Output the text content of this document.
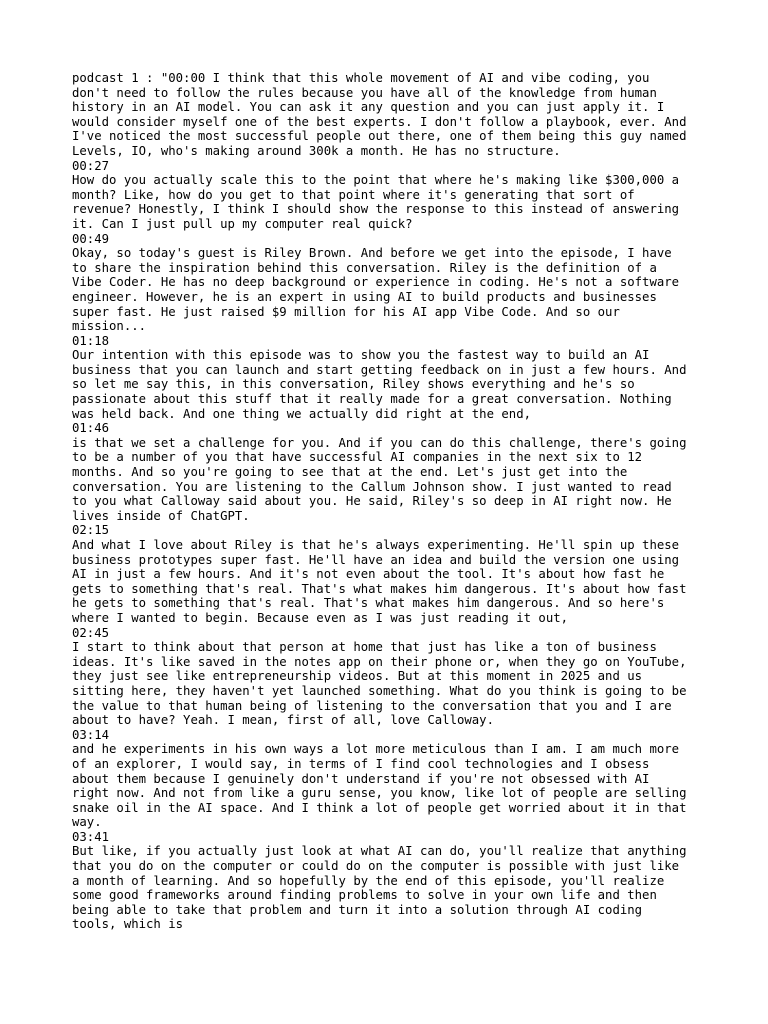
podcast 1 : "00:00 I think that this whole movement of AI and vibe coding, you
don't need to follow the rules because you have all of the knowledge from human
history in an AI model. You can ask it any question and you can just apply it. I
would consider myself one of the best experts. I don't follow a playbook, ever. And
I've noticed the most successful people out there, one of them being this guy named
Levels, IO, who's making around 300k a month. He has no structure.
00:27
How do you actually scale this to the point that where he's making like $300,000 a
month? Like, how do you get to that point where it's generating that sort of
revenue? Honestly, I think I should show the response to this instead of answering
it. Can I just pull up my computer real quick?
00:49
Okay, so today's guest is Riley Brown. And before we get into the episode, I have
to share the inspiration behind this conversation. Riley is the definition of a
Vibe Coder. He has no deep background or experience in coding. He's not a software
engineer. However, he is an expert in using AI to build products and businesses
super fast. He just raised $9 million for his AI app Vibe Code. And so our
mission...
01:18
Our intention with this episode was to show you the fastest way to build an AI
business that you can launch and start getting feedback on in just a few hours. And
so let me say this, in this conversation, Riley shows everything and he's so
passionate about this stuff that it really made for a great conversation. Nothing
was held back. And one thing we actually did right at the end,
01:46
is that we set a challenge for you. And if you can do this challenge, there's going
to be a number of you that have successful AI companies in the next six to 12
months. And so you're going to see that at the end. Let's just get into the
conversation. You are listening to the Callum Johnson show. I just wanted to read
to you what Calloway said about you. He said, Riley's so deep in AI right now. He
lives inside of ChatGPT.
02:15
And what I love about Riley is that he's always experimenting. He'll spin up these
business prototypes super fast. He'll have an idea and build the version one using
AI in just a few hours. And it's not even about the tool. It's about how fast he
gets to something that's real. That's what makes him dangerous. It's about how fast
he gets to something that's real. That's what makes him dangerous. And so here's
where I wanted to begin. Because even as I was just reading it out,
02:45
I start to think about that person at home that just has like a ton of business
ideas. It's like saved in the notes app on their phone or, when they go on YouTube,
they just see like entrepreneurship videos. But at this moment in 2025 and us
sitting here, they haven't yet launched something. What do you think is going to be
the value to that human being of listening to the conversation that you and I are
about to have? Yeah. I mean, first of all, love Calloway.
03:14
and he experiments in his own ways a lot more meticulous than I am. I am much more
of an explorer, I would say, in terms of I find cool technologies and I obsess
about them because I genuinely don't understand if you're not obsessed with AI
right now. And not from like a guru sense, you know, like lot of people are selling
snake oil in the AI space. And I think a lot of people get worried about it in that
way.
03:41
But like, if you actually just look at what AI can do, you'll realize that anything
that you do on the computer or could do on the computer is possible with just like
a month of learning. And so hopefully by the end of this episode, you'll realize
some good frameworks around finding problems to solve in your own life and then
being able to take that problem and turn it into a solution through AI coding
tools, which is
